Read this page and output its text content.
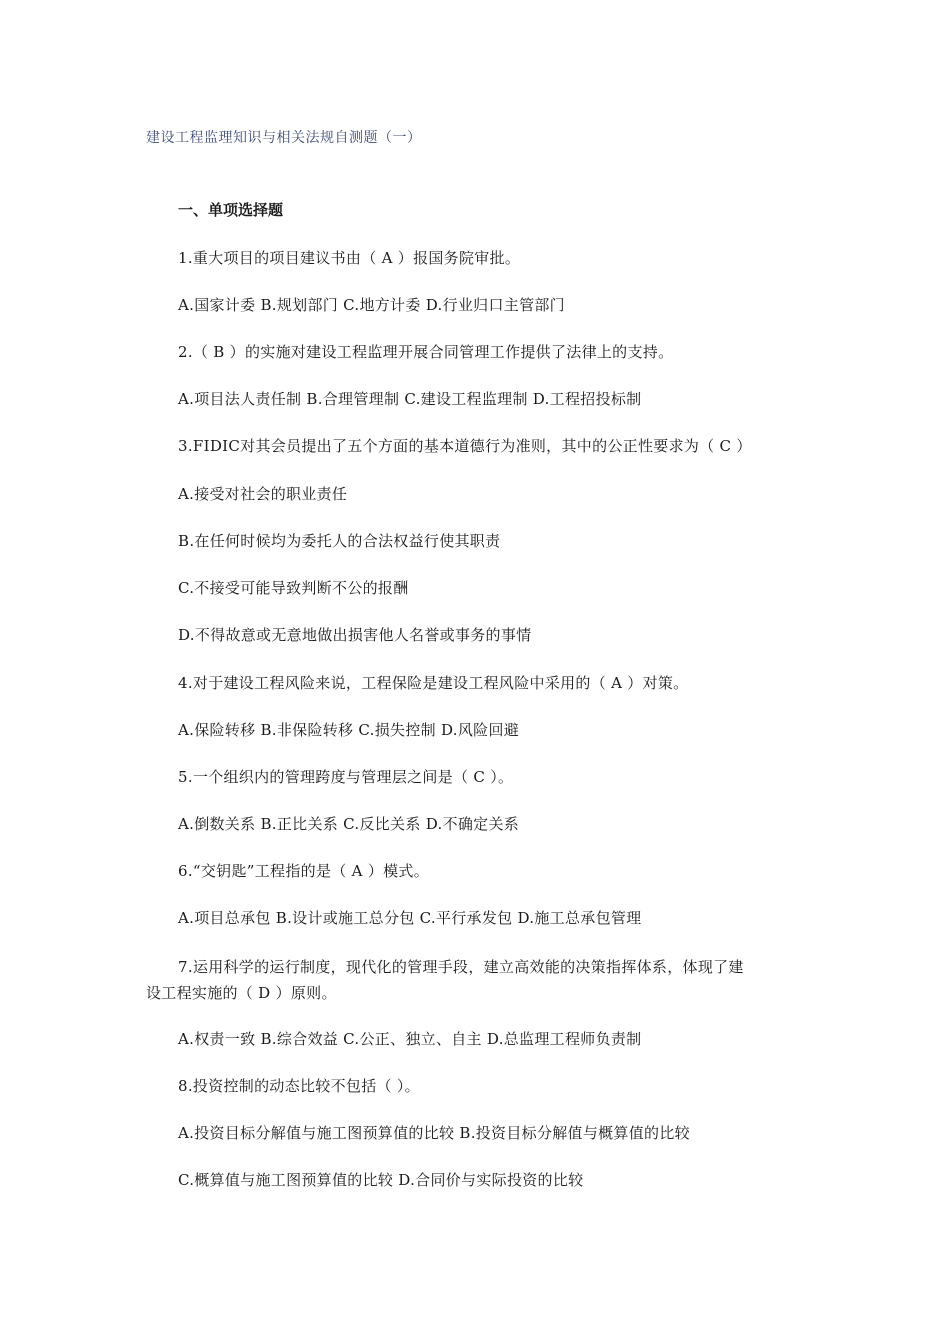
建设工程监理知识与相关法规自测题（一）
一、单项选择题
1.重大项目的项目建议书由（ A ）报国务院审批。
A.国家计委 B.规划部门 C.地方计委 D.行业归口主管部门
2.（ B ）的实施对建设工程监理开展合同管理工作提供了法律上的支持。
A.项目法人责任制 B.合理管理制 C.建设工程监理制 D.工程招投标制
3.FIDIC对其会员提出了五个方面的基本道德行为准则，其中的公正性要求为（ C ）
A.接受对社会的职业责任
B.在任何时候均为委托人的合法权益行使其职责
C.不接受可能导致判断不公的报酬
D.不得故意或无意地做出损害他人名誉或事务的事情
4.对于建设工程风险来说，工程保险是建设工程风险中采用的（ A ）对策。
A.保险转移 B.非保险转移 C.损失控制 D.风险回避
5.一个组织内的管理跨度与管理层之间是（ C ）。
A.倒数关系 B.正比关系 C.反比关系 D.不确定关系
6.“交钥匙”工程指的是（ A ）模式。
A.项目总承包 B.设计或施工总分包 C.平行承发包 D.施工总承包管理
7.运用科学的运行制度，现代化的管理手段，建立高效能的决策指挥体系，体现了建
设工程实施的（ D ）原则。
A.权责一致 B.综合效益 C.公正、独立、自主 D.总监理工程师负责制
8.投资控制的动态比较不包括（ ）。
A.投资目标分解值与施工图预算值的比较 B.投资目标分解值与概算值的比较
C.概算值与施工图预算值的比较 D.合同价与实际投资的比较
